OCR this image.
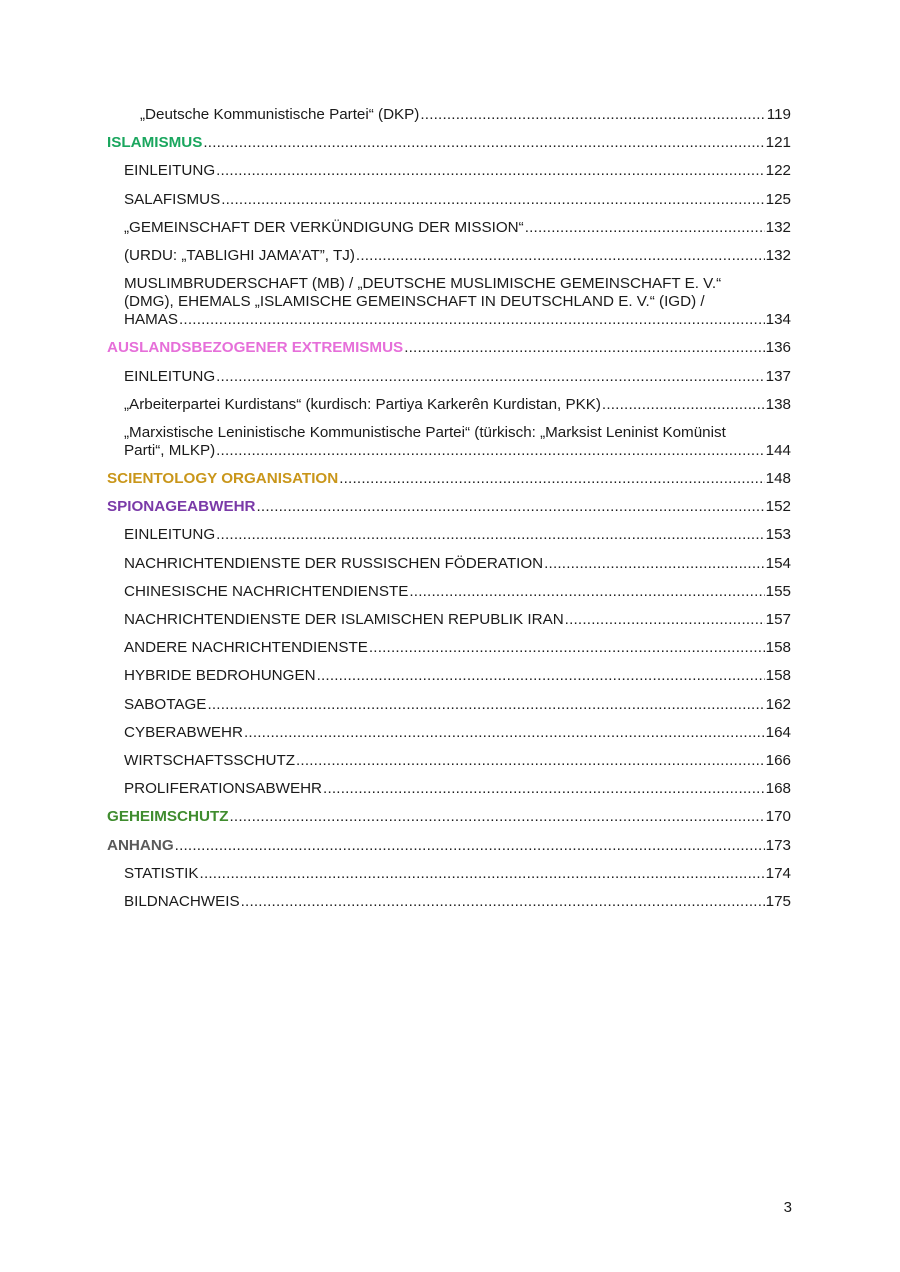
„Deutsche Kommunistische Partei“ (DKP) .....	119
ISLAMISMUS .....	121
EINLEITUNG .....	122
SALAFISMUS .....	125
„GEMEINSCHAFT DER VERKÜNDIGUNG DER MISSION“ .....	132
(URDU: „TABLIGHI JAMA’AT”, TJ) .....	132
MUSLIMBRUDERSCHAFT (MB) / „DEUTSCHE MUSLIMISCHE GEMEINSCHAFT E. V.“
(DMG), EHEMALS „ISLAMISCHE GEMEINSCHAFT IN DEUTSCHLAND E. V.“ (IGD) /
HAMAS .....	134
AUSLANDSBEZOGENER EXTREMISMUS .....	136
EINLEITUNG .....	137
„Arbeiterpartei Kurdistans“ (kurdisch: Partiya Karkerên Kurdistan, PKK) .....	138
„Marxistische Leninistische Kommunistische Partei“ (türkisch: „Marksist Leninist Komünist
Parti“, MLKP) .....	144
SCIENTOLOGY ORGANISATION .....	148
SPIONAGEABWEHR .....	152
EINLEITUNG .....	153
NACHRICHTENDIENSTE DER RUSSISCHEN FÖDERATION .....	154
CHINESISCHE NACHRICHTENDIENSTE .....	155
NACHRICHTENDIENSTE DER ISLAMISCHEN REPUBLIK IRAN .....	157
ANDERE NACHRICHTENDIENSTE .....	158
HYBRIDE BEDROHUNGEN .....	158
SABOTAGE .....	162
CYBERABWEHR .....	164
WIRTSCHAFTSSCHUTZ .....	166
PROLIFERATIONSABWEHR .....	168
GEHEIMSCHUTZ .....	170
ANHANG .....	173
STATISTIK .....	174
BILDNACHWEIS .....	175
3
